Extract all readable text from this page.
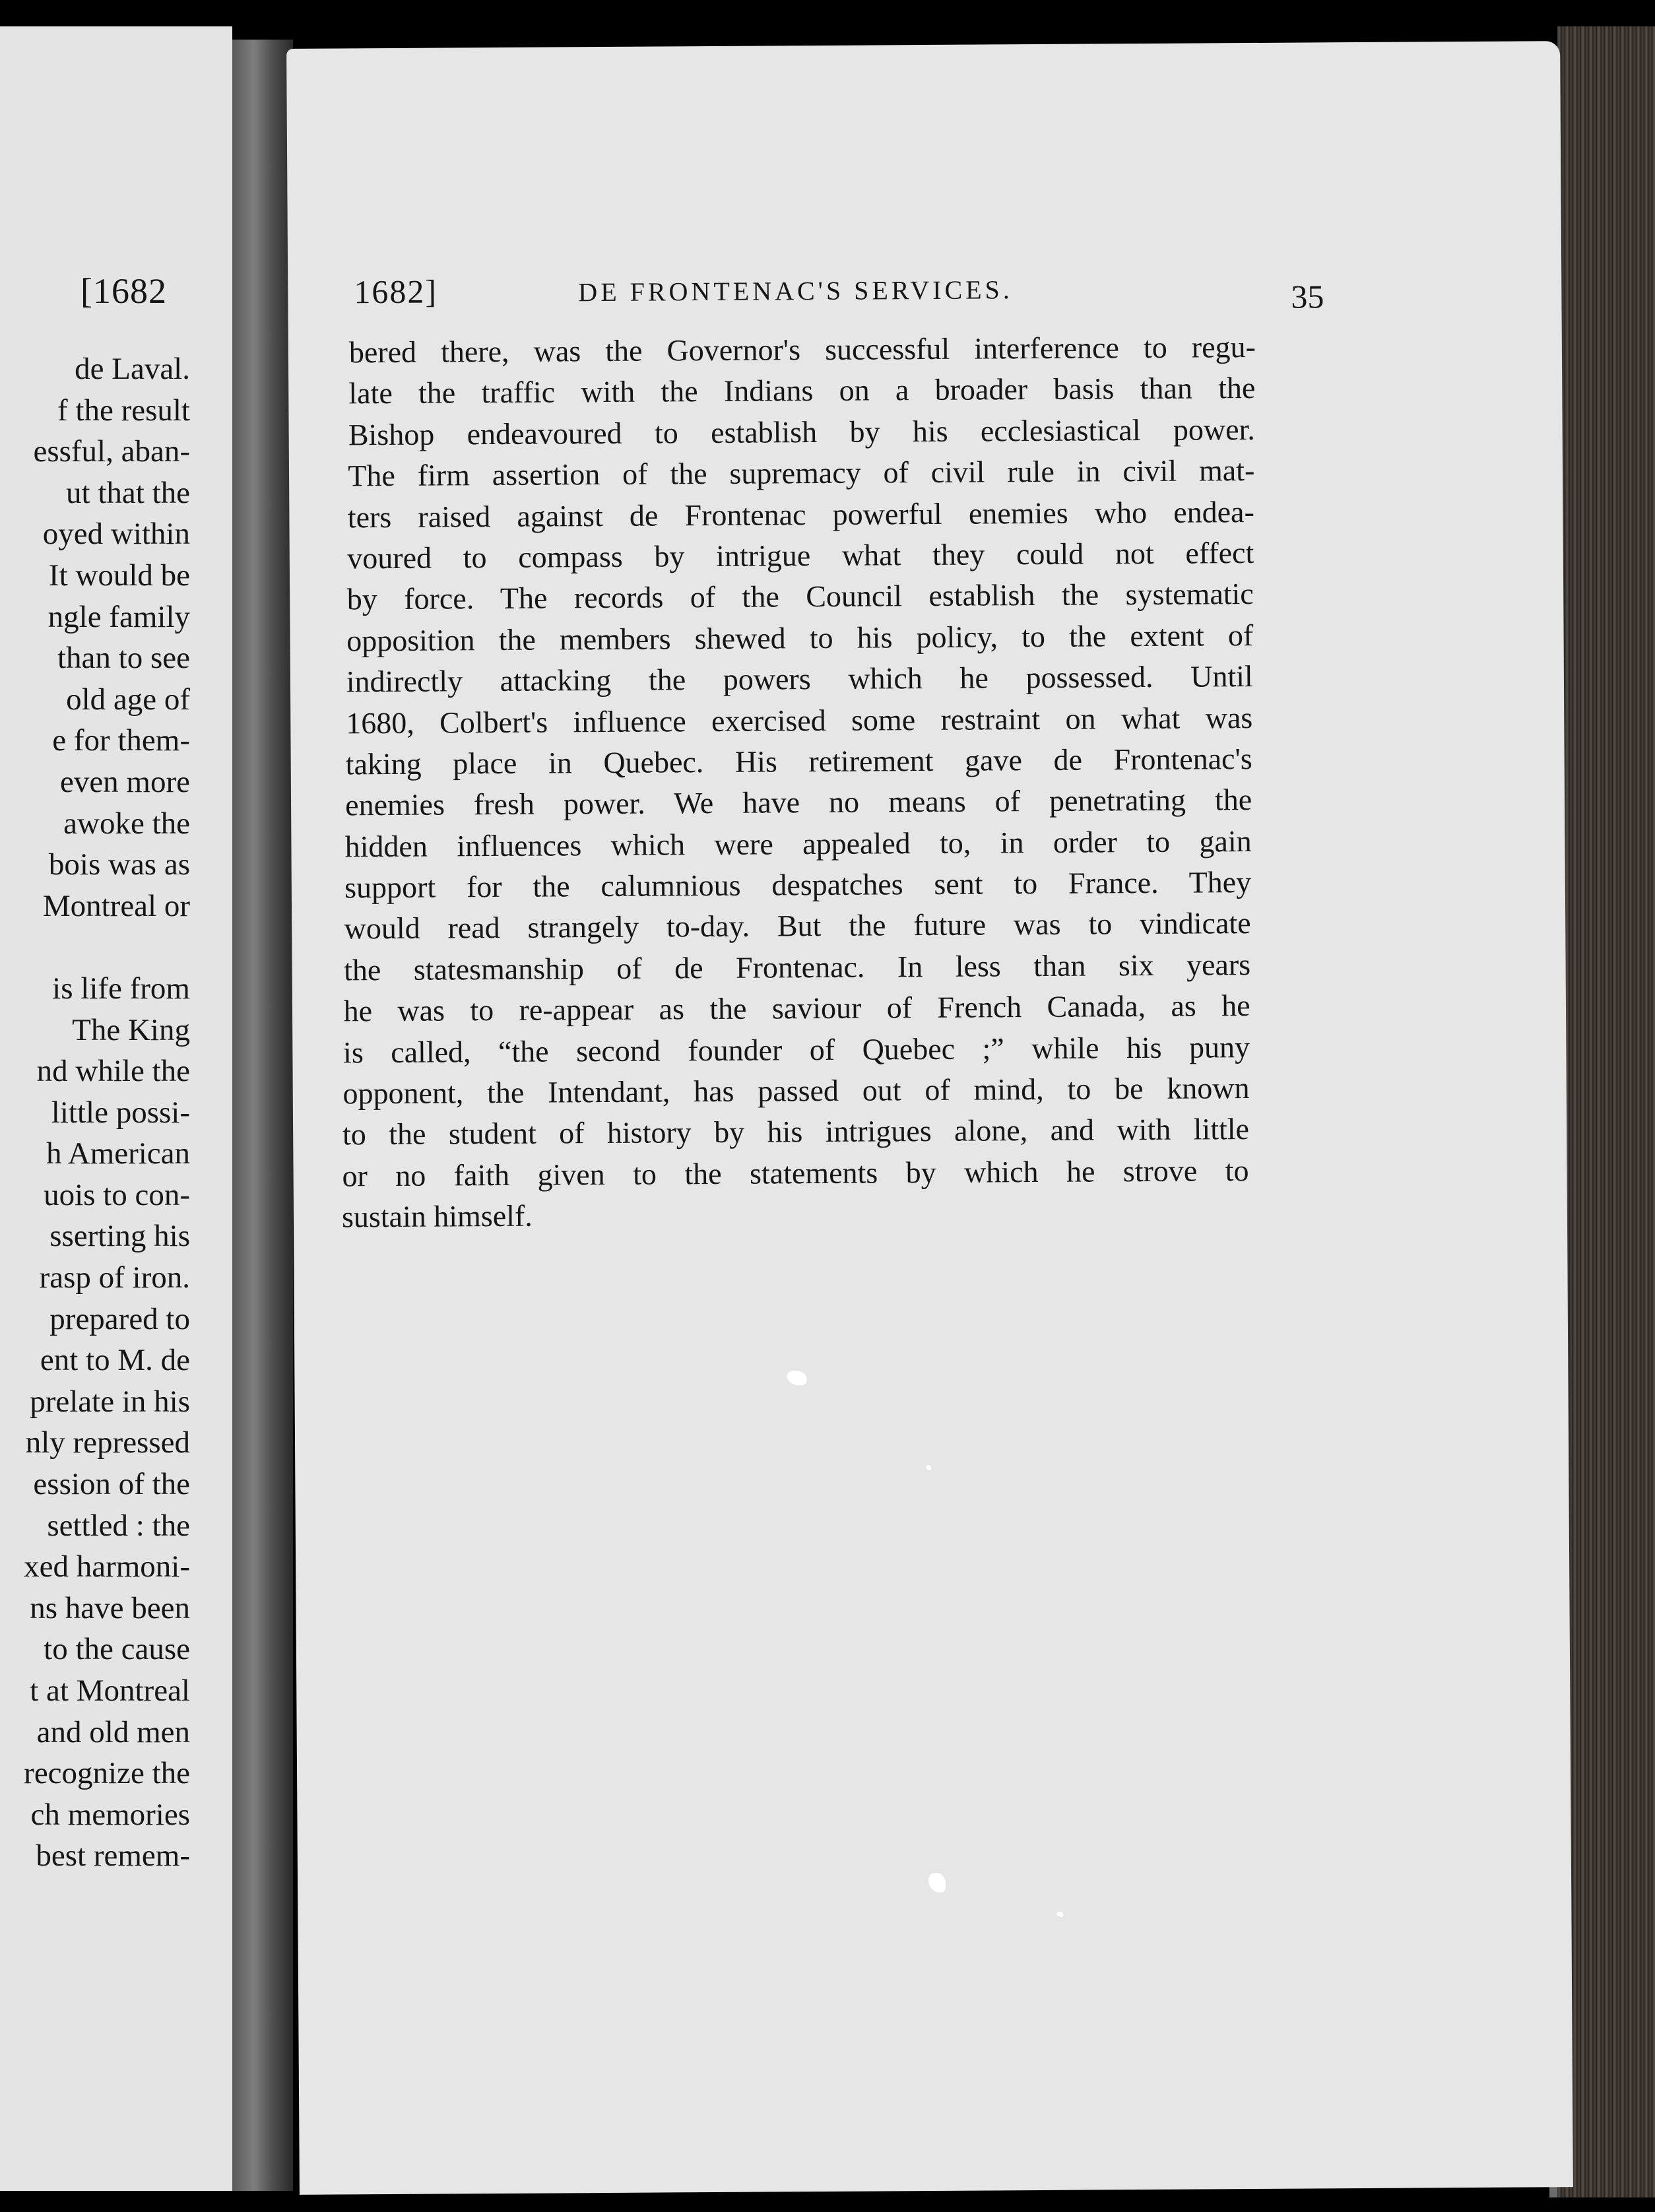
[1682
de Laval.
f the result
essful, aban-
ut that the
oyed within
It would be
ngle family
than to see
old age of
e for them-
even more
awoke the
bois was as
Montreal or
is life from
The King
nd while the
little possi-
h American
uois to con-
sserting his
rasp of iron.
prepared to
ent to M. de
prelate in his
nly repressed
ession of the
settled : the
xed harmoni-
ns have been
to the cause
t at Montreal
and old men
recognize the
ch memories
best remem-
1682]	DE FRONTENAC'S SERVICES.	35
bered there, was the Governor's successful interference to regu-
late the traffic with the Indians on a broader basis than the
Bishop endeavoured to establish by his ecclesiastical power.
The firm assertion of the supremacy of civil rule in civil mat-
ters raised against de Frontenac powerful enemies who endea-
voured to compass by intrigue what they could not effect
by force. The records of the Council establish the systematic
opposition the members shewed to his policy, to the extent of
indirectly attacking the powers which he possessed. Until
1680, Colbert's influence exercised some restraint on what was
taking place in Quebec. His retirement gave de Frontenac's
enemies fresh power. We have no means of penetrating the
hidden influences which were appealed to, in order to gain
support for the calumnious despatches sent to France. They
would read strangely to-day. But the future was to vindicate
the statesmanship of de Frontenac. In less than six years
he was to re-appear as the saviour of French Canada, as he
is called, “the second founder of Quebec ;” while his puny
opponent, the Intendant, has passed out of mind, to be known
to the student of history by his intrigues alone, and with little
or no faith given to the statements by which he strove to
sustain himself.
